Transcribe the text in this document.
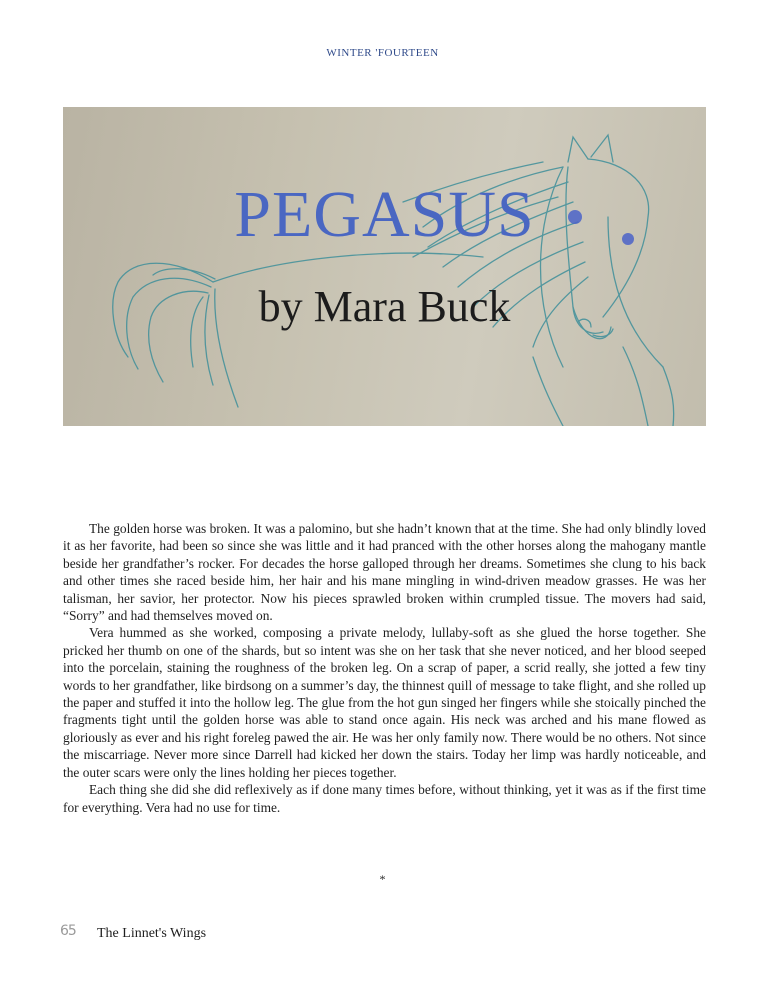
WINTER 'FOURTEEN
PEGASUS
by Mara Buck

The golden horse was broken. It was a palomino, but she hadn’t known that at the time. She had only blindly loved it as her favorite, had been so since she was little and it had pranced with the other horses along the mahogany mantle beside her grandfather’s rocker. For decades the horse galloped through her dreams. Sometimes she clung to his back and other times she raced beside him, her hair and his mane mingling in wind-driven meadow grasses. He was her talisman, her savior, her protector. Now his pieces sprawled broken within crumpled tissue. The movers had said, “Sorry” and had themselves moved on.

Vera hummed as she worked, composing a private melody, lullaby-soft as she glued the horse together. She pricked her thumb on one of the shards, but so intent was she on her task that she never noticed, and her blood seeped into the porcelain, staining the roughness of the broken leg. On a scrap of paper, a scrid really, she jotted a few tiny words to her grandfather, like birdsong on a summer’s day, the thinnest quill of message to take flight, and she rolled up the paper and stuffed it into the hollow leg. The glue from the hot gun singed her fingers while she stoically pinched the fragments tight until the golden horse was able to stand once again. His neck was arched and his mane flowed as gloriously as ever and his right foreleg pawed the air. He was her only family now. There would be no others. Not since the miscarriage. Never more since Darrell had kicked her down the stairs. Today her limp was hardly noticeable, and the outer scars were only the lines holding her pieces together.

Each thing she did she did reflexively as if done many times before, without thinking, yet it was as if the first time for everything. Vera had no use for time.

*
65 The Linnet's Wings
